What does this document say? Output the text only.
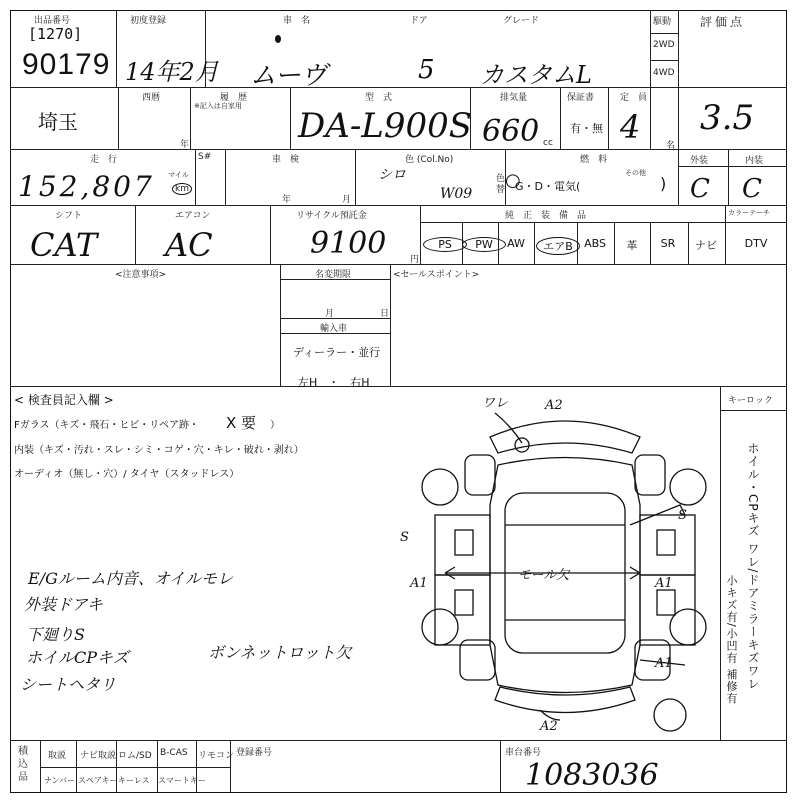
出品番号
[1270]
90179
初度登録
14年2月
車　名	ドア	グレード
ムーヴ	5 カスタムL
駆動
2WD
4WD
評価点
3.5
埼玉
西暦	履　歴
※記入は自家用
年
型　式
DA-L900S
排気量
660 cc
保証書
有・無
定　員
4	名
走　行
152,807 マイル
km
S#	車　検
年	月
色 (Col.No)
シロ
W09
色替
燃　料
G・D・電気(
その他
)
○
外装	内装
C C
シフト
CAT
エアコン
AC
リサイクル預託金
9100	円
純　正　装　備　品
PS	PW	AW	エアB	ABS	革	SR	ナビ
カラーテーチ
DTV
<注意事項>	名変期限
月	日
輸入車
ディーラー・並行
左H　・　右H
<セールスポイント>
< 検査員記入欄 >
Fガラス（キズ・飛石・ヒビ・リペア跡・ X 要 ）
内装（キズ・汚れ・スレ・シミ・コゲ・穴・キレ・破れ・剥れ）
オーディオ（無し・穴）/ タイヤ（スタッドレス）
E/Gルーム内音、オイルモレ
外装ドアキ
下廻りS
ホイルCPキズ
シートヘタリ
ボンネットロット欠
キーロック
ホイル・CPキズ ワレ/ドアミラーキズワレ
小キズ有/小凹有 補修有
ワレ	A2
S
S
A1	A1
A1
A2
モール欠
積込品
取説 ナビ取説 ロム/SD B-CAS リモコン
ナンバー スペアキー キーレス スマートキー
登録番号	車台番号
1083036
